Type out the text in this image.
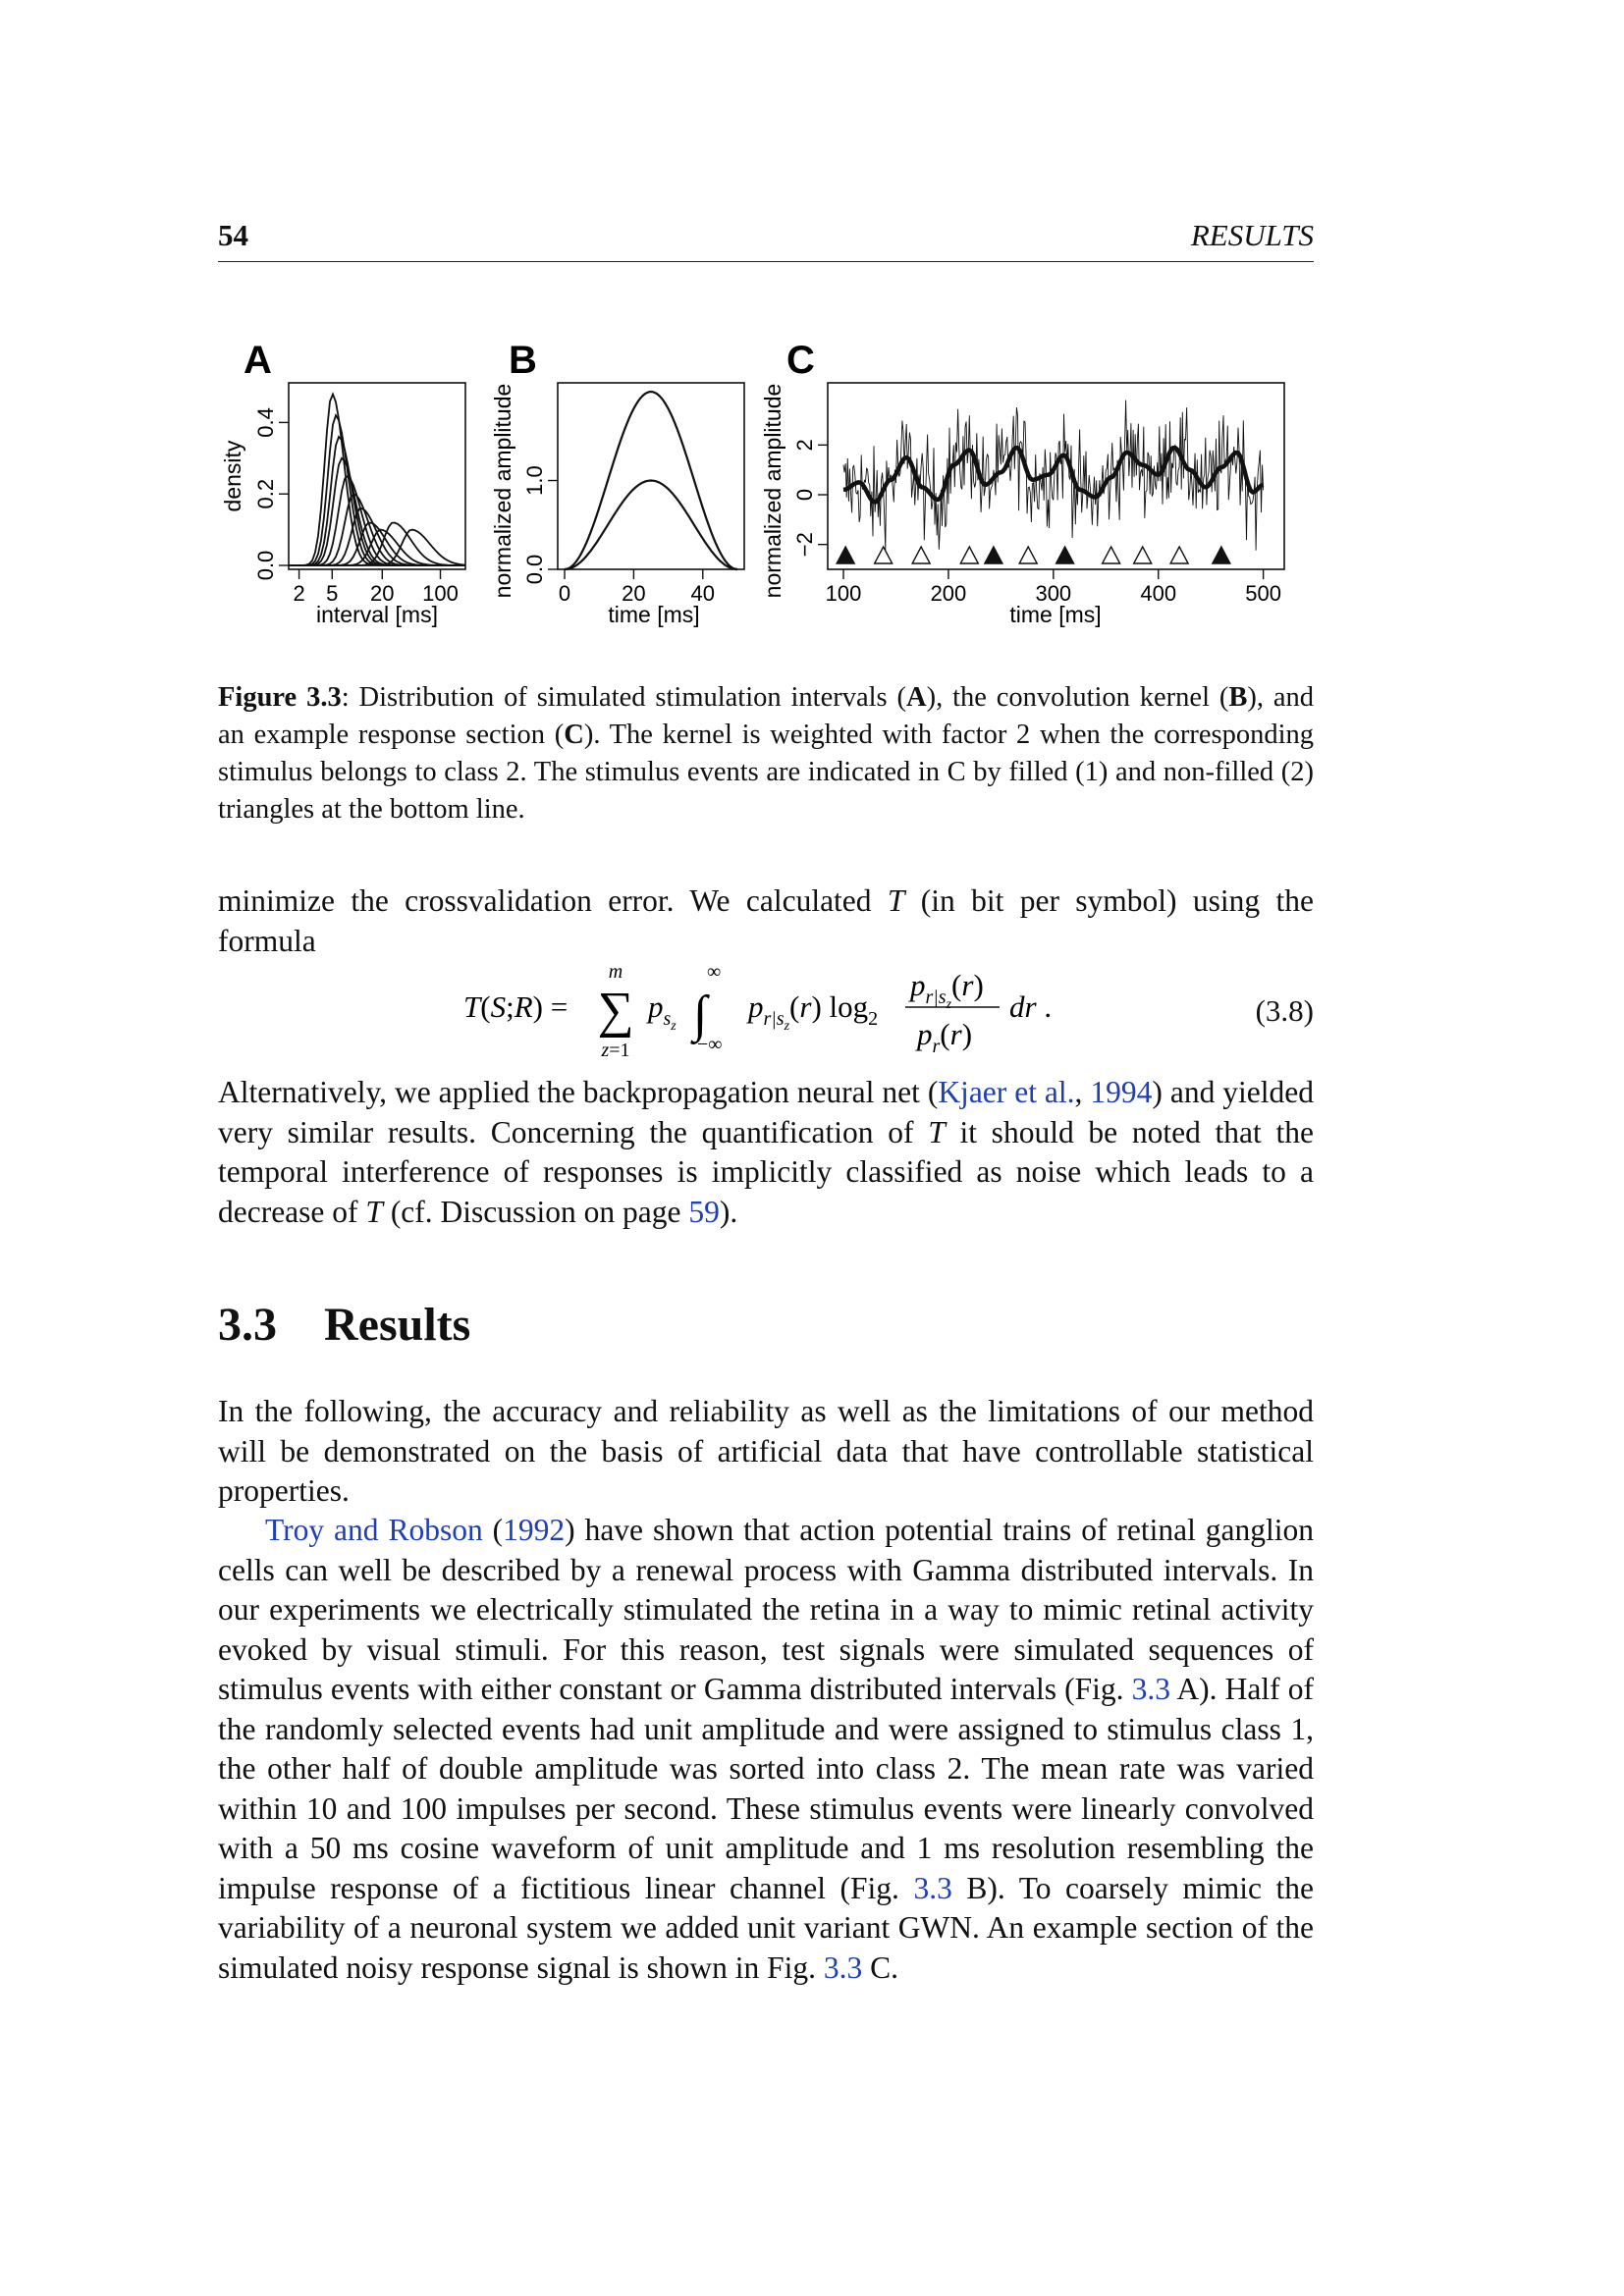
54	RESULTS
A
0.0
0.2
0.4
2 5 20 100
interval [ms]
density
B
0.0
1.0
0 20 40
time [ms]
normalized amplitude
C
−2
0
2
100	200	300	400	500
time [ms]
normalized amplitude
Figure 3.3: Distribution of simulated stimulation intervals (A), the convolution kernel (B), and an example response section (C). The kernel is weighted with factor 2 when the corresponding stimulus belongs to class 2. The stimulus events are indicated in C by filled (1) and non-filled (2) triangles at the bottom line.
minimize the crossvalidation error. We calculated T (in bit per symbol) using the formula
T(S;R) =
m
∑
z=1
$p_sz$ ∫
∞
−∞
$p_{r|s}z(r)$ $\log_2$
$p_{r|s}z(r)$
$p_r(r)$
dr .	(3.8)
Alternatively, we applied the backpropagation neural net (Kjaer et al., 1994) and yielded very similar results. Concerning the quantification of T it should be noted that the temporal interference of responses is implicitly classified as noise which leads to a decrease of T (cf. Discussion on page 59).
3.3 Results
In the following, the accuracy and reliability as well as the limitations of our method will be demonstrated on the basis of artificial data that have controllable statistical properties.
Troy and Robson (1992) have shown that action potential trains of retinal ganglion cells can well be described by a renewal process with Gamma distributed intervals. In our experiments we electrically stimulated the retina in a way to mimic retinal activity evoked by visual stimuli. For this reason, test signals were simulated sequences of stimulus events with either constant or Gamma distributed intervals (Fig. 3.3 A). Half of the randomly selected events had unit amplitude and were assigned to stimulus class 1, the other half of double amplitude was sorted into class 2. The mean rate was varied within 10 and 100 impulses per second. These stimulus events were linearly convolved with a 50 ms cosine waveform of unit amplitude and 1 ms resolution resembling the impulse response of a fictitious linear channel (Fig. 3.3 B). To coarsely mimic the variability of a neuronal system we added unit variant GWN. An example section of the simulated noisy response signal is shown in Fig. 3.3 C.
